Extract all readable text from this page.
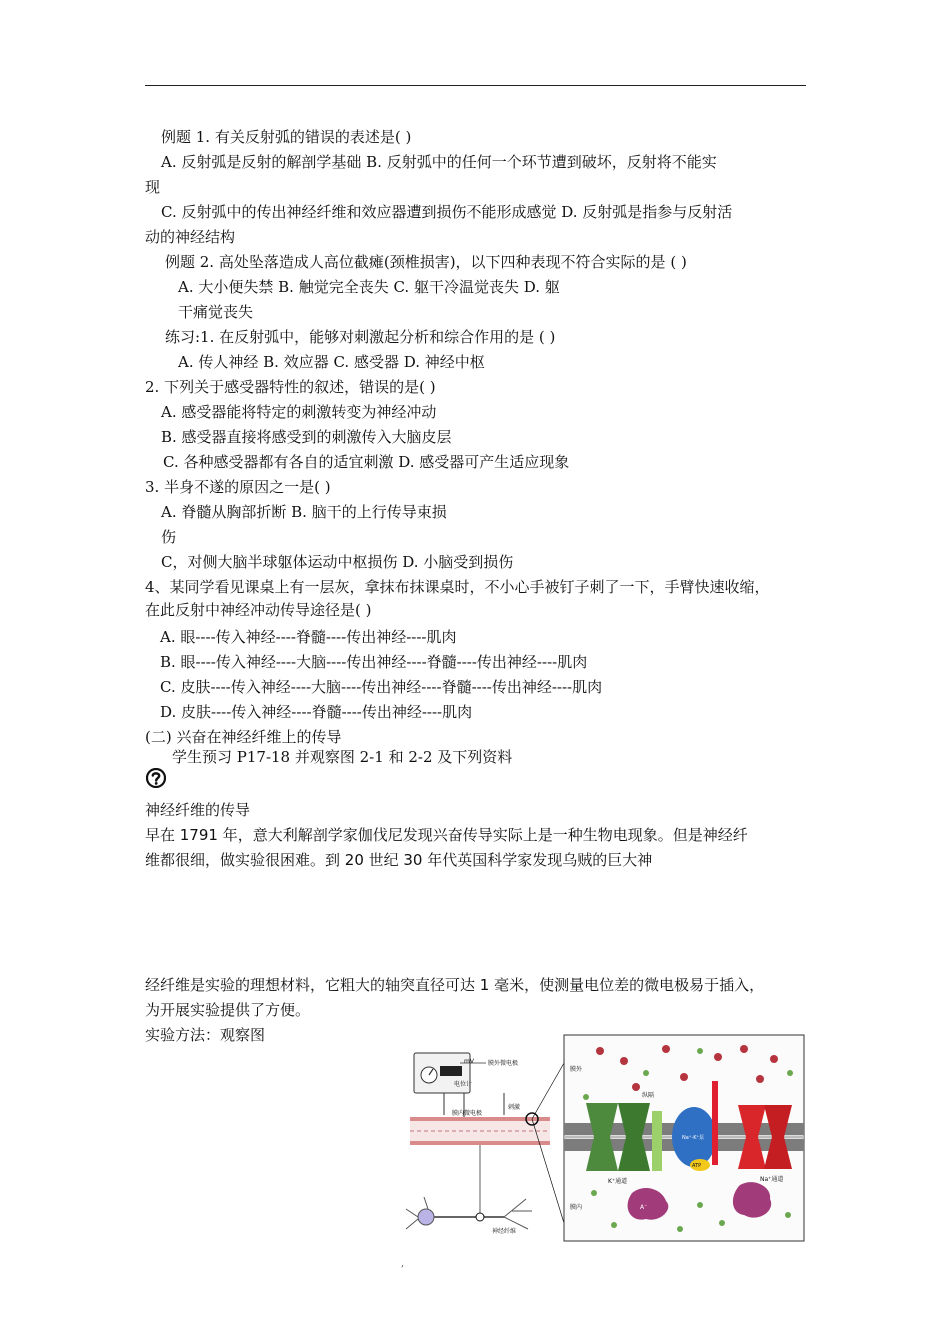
例题 1. 有关反射弧的错误的表述是( )
A. 反射弧是反射的解剖学基础 B. 反射弧中的任何一个环节遭到破坏，反射将不能实
现
C. 反射弧中的传出神经纤维和效应器遭到损伤不能形成感觉 D. 反射弧是指参与反射活
动的神经结构
例题 2. 高处坠落造成人高位截瘫(颈椎损害)，以下四种表现不符合实际的是 ( )
A. 大小便失禁 B. 触觉完全丧失 C. 躯干冷温觉丧失 D. 躯
干痛觉丧失
练习:1. 在反射弧中，能够对刺激起分析和综合作用的是 ( )
A. 传人神经 B. 效应器 C. 感受器 D. 神经中枢
2. 下列关于感受器特性的叙述，错误的是( )
A. 感受器能将特定的刺激转变为神经冲动
B. 感受器直接将感受到的刺激传入大脑皮层
C. 各种感受器都有各自的适宜刺激 D. 感受器可产生适应现象
3. 半身不遂的原因之一是( )
A. 脊髓从胸部折断 B. 脑干的上行传导束损
伤
C，对侧大脑半球躯体运动中枢损伤 D. 小脑受到损伤
4、某同学看见课桌上有一层灰，拿抹布抹课桌时，不小心手被钉子刺了一下，手臂快速收缩，
在此反射中神经冲动传导途径是( )
A. 眼----传入神经----脊髓----传出神经----肌肉
B. 眼----传入神经----大脑----传出神经----脊髓----传出神经----肌肉
C. 皮肤----传入神经----大脑----传出神经----脊髓----传出神经----肌肉
D. 皮肤----传入神经----脊髓----传出神经----肌肉
(二) 兴奋在神经纤维上的传导
学生预习 P17-18 并观察图 2-1 和 2-2 及下列资料
神经纤维的传导
早在 1791 年，意大利解剖学家伽伐尼发现兴奋传导实际上是一种生物电现象。但是神经纤
维都很细，做实验很困难。到 20 世纪 30 年代英国科学家发现乌贼的巨大神
经纤维是实验的理想材料，它粗大的轴突直径可达 1 毫米，使测量电位差的微电极易于插入，
为开展实验提供了方便。
实验方法：观察图
mV
电位计
膜外微电极
膜内微电极
刺激
神经纤维
膜外
膜内
K⁺通道
纵隔
Na⁺-K⁺泵
ATP
Na⁺通道
A⁻
,
